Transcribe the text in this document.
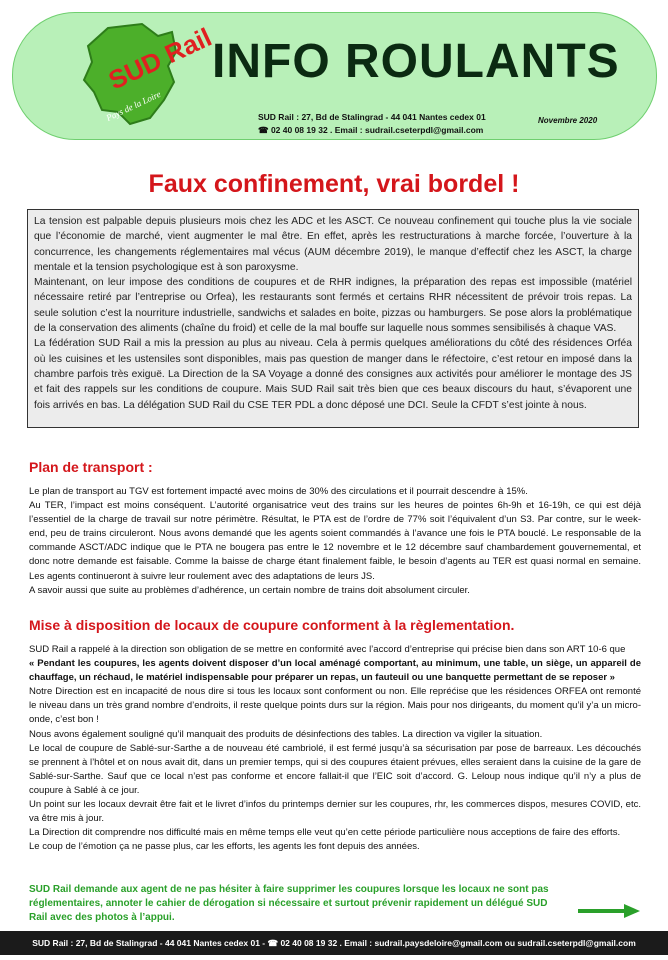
SUD Rail
Pays de la Loire
INFO ROULANTS
SUD Rail : 27, Bd de Stalingrad - 44 041 Nantes cedex 01
☎ 02 40 08 19 32 . Email : sudrail.cseterpdl@gmail.com
Novembre 2020
Faux confinement, vrai bordel !

La tension est palpable depuis plusieurs mois chez les ADC et les ASCT. Ce nouveau confinement qui touche plus la vie sociale que l’économie de marché, vient augmenter le mal être. En effet, après les restructurations à marche forcée, l’ouverture à la concurrence, les changements réglementaires mal vécus (AUM décembre 2019), le manque d’effectif chez les ASCT, la charge mentale et la tension psychologique est à son paroxysme.

Maintenant, on leur impose des conditions de coupures et de RHR indignes, la préparation des repas est impossible (matériel nécessaire retiré par l’entreprise ou Orfea), les restaurants sont fermés et certains RHR nécessitent de prévoir trois repas. La seule solution c’est la nourriture industrielle, sandwichs et salades en boite, pizzas ou hamburgers. Se pose alors la problématique de la conservation des aliments (chaîne du froid) et celle de la mal bouffe sur laquelle nous sommes sensibilisés à chaque VAS.

La fédération SUD Rail a mis la pression au plus au niveau. Cela à permis quelques améliorations du côté des résidences Orféa où les cuisines et les ustensiles sont disponibles, mais pas question de manger dans le réfectoire, c’est retour en imposé dans la chambre parfois très exiguë. La Direction de la SA Voyage a donné des consignes aux activités pour améliorer le montage des JS et fait des rappels sur les conditions de coupure. Mais SUD Rail sait très bien que ces beaux discours du haut, s’évaporent une fois arrivés en bas. La délégation SUD Rail du CSE TER PDL a donc déposé une DCI. Seule la CFDT s’est jointe à nous.

Plan de transport :

Le plan de transport au TGV est fortement impacté avec moins de 30% des circulations et il pourrait descendre à 15%.

Au TER, l’impact est moins conséquent. L’autorité organisatrice veut des trains sur les heures de pointes 6h-9h et 16-19h, ce qui est déjà l’essentiel de la charge de travail sur notre périmètre. Résultat, le PTA est de l’ordre de 77% soit l’équivalent d’un S3. Par contre, sur le week-end, peu de trains circuleront. Nous avons demandé que les agents soient commandés à l’avance une fois le PTA bouclé. Le responsable de la commande ASCT/ADC indique que le PTA ne bougera pas entre le 12 novembre et le 12 décembre sauf chambardement gouvernemental, et donc notre demande est faisable. Comme la baisse de charge étant finalement faible, le besoin d’agents au TER est quasi normal en semaine. Les agents continueront à suivre leur roulement avec des adaptations de leurs JS.

A savoir aussi que suite au problèmes d’adhérence, un certain nombre de trains doit absolument circuler.

Mise à disposition de locaux de coupure conforment à la règlementation.

SUD Rail a rappelé à la direction son obligation de se mettre en conformité avec l’accord d’entreprise qui précise bien dans son ART 10-6 que

« Pendant les coupures, les agents doivent disposer d’un local aménagé comportant, au minimum, une table, un siège, un appareil de chauffage, un réchaud, le matériel indispensable pour préparer un repas, un fauteuil ou une banquette permettant de se reposer »

Notre Direction est en incapacité de nous dire si tous les locaux sont conforment ou non. Elle repréćise que les résidences ORFEA ont remonté le niveau dans un très grand nombre d’endroits, il reste quelque points durs sur la région. Mais pour nos dirigeants, du moment qu’il y’a un micro-onde, c’est bon !

Nous avons également souligné qu’il manquait des produits de désinfections des tables. La direction va vigiler la situation.

Le local de coupure de Sablé-sur-Sarthe a de nouveau été cambriolé, il est fermé jusqu’à sa sécurisation par pose de barreaux. Les découchés se prennent à l’hôtel et on nous avait dit, dans un premier temps, qui si des coupures étaient prévues, elles seraient dans la cuisine de la gare de Sablé-sur-Sarthe. Sauf que ce local n’est pas conforme et encore fallait-il que l’EIC soit d’accord. G. Leloup nous indique qu’il n’y a plus de coupure à Sablé à ce jour.

Un point sur les locaux devrait être fait et le livret d’infos du printemps dernier sur les coupures, rhr, les commerces dispos, mesures COVID, etc. va être mis à jour.

La Direction dit comprendre nos difficulté mais en même temps elle veut qu’en cette période particulière nous acceptions de faire des efforts.

Le coup de l’émotion ça ne passe plus, car les efforts, les agents les font depuis des années.

SUD Rail demande aux agent de ne pas hésiter à faire supprimer les coupures lorsque les locaux ne sont pas réglementaires, annoter le cahier de dérogation si nécessaire et surtout prévenir rapidement un délégué SUD Rail avec des photos à l’appui.
SUD Rail : 27, Bd de Stalingrad - 44 041 Nantes cedex 01 - ☎ 02 40 08 19 32 . Email : sudrail.paysdeloire@gmail.com ou sudrail.cseterpdl@gmail.com
